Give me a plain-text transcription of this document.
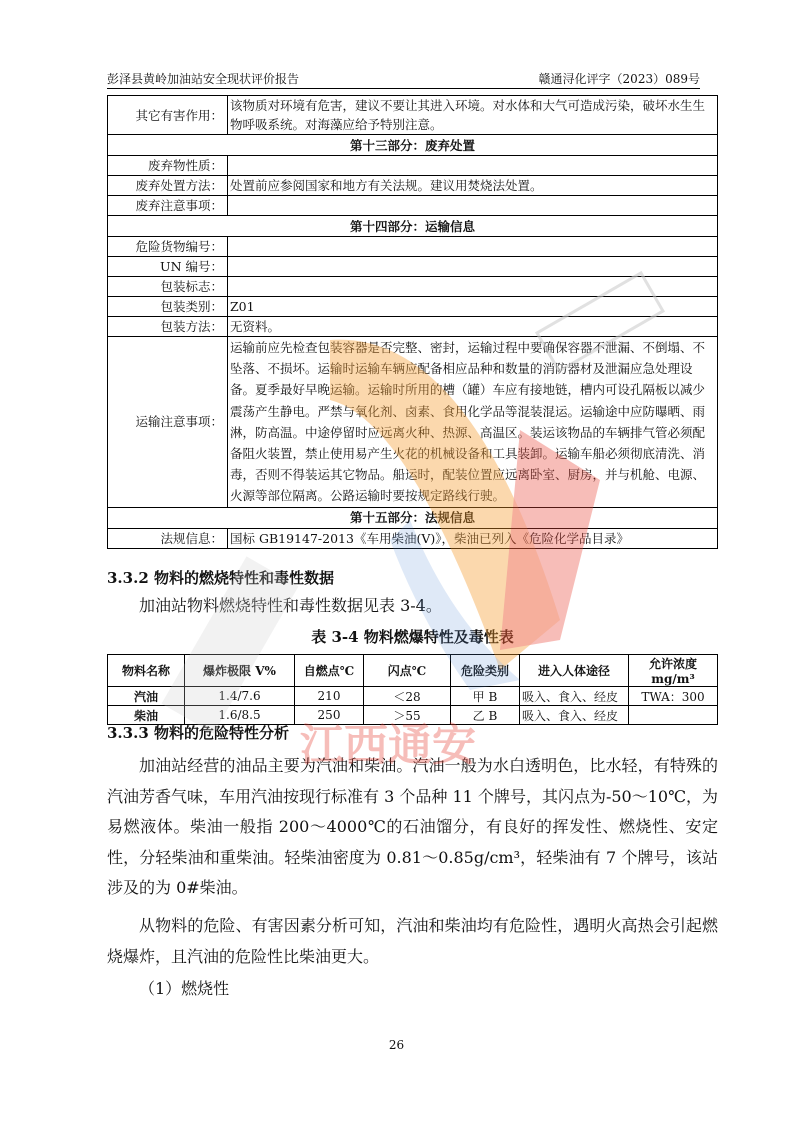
彭泽县黄岭加油站安全现状评价报告	赣通浔化评字（2023）089号
其它有害作用：	该物质对环境有危害，建议不要让其进入环境。对水体和大气可造成污染，破坏水生生物呼吸系统。对海藻应给予特别注意。
第十三部分：废弃处置	
废弃物性质：	
废弃处置方法：	处置前应参阅国家和地方有关法规。建议用焚烧法处置。
废弃注意事项：	
第十四部分：运输信息	
危险货物编号：	
UN 编号：	
包装标志：	
包装类别：	Z01
包装方法：	无资料。
运输注意事项：	运输前应先检查包装容器是否完整、密封，运输过程中要确保容器不泄漏、不倒塌、不坠落、不损坏。运输时运输车辆应配备相应品种和数量的消防器材及泄漏应急处理设备。夏季最好早晚运输。运输时所用的槽（罐）车应有接地链，槽内可设孔隔板以减少震荡产生静电。严禁与氧化剂、卤素、食用化学品等混装混运。运输途中应防曝晒、雨淋，防高温。中途停留时应远离火种、热源、高温区。装运该物品的车辆排气管必须配备阻火装置，禁止使用易产生火花的机械设备和工具装卸。运输车船必须彻底清洗、消毒，否则不得装运其它物品。船运时，配装位置应远离卧室、厨房，并与机舱、电源、火源等部位隔离。公路运输时要按规定路线行驶。
第十五部分：法规信息	
法规信息：	国标 GB19147-2013《车用柴油(V)》，柴油已列入《危险化学品目录》
3.3.2 物料的燃烧特性和毒性数据
加油站物料燃烧特性和毒性数据见表 3-4。
表 3-4 物料燃爆特性及毒性表
物料名称	爆炸极限 V%	自燃点℃	闪点℃	危险类别	进入人体途径	允许浓度 mg/m³
汽油	1.4/7.6	210	＜28	甲 B	吸入、食入、经皮	TWA：300
柴油	1.6/8.5	250	＞55	乙 B	吸入、食入、经皮	
3.3.3 物料的危险特性分析
加油站经营的油品主要为汽油和柴油。汽油一般为水白透明色，比水轻，有特殊的汽油芳香气味，车用汽油按现行标准有 3 个品种 11 个牌号，其闪点为-50～10℃，为易燃液体。柴油一般指 200～4000℃的石油馏分，有良好的挥发性、燃烧性、安定性，分轻柴油和重柴油。轻柴油密度为 0.81～0.85g/cm³，轻柴油有 7 个牌号，该站涉及的为 0#柴油。
从物料的危险、有害因素分析可知，汽油和柴油均有危险性，遇明火高热会引起燃烧爆炸，且汽油的危险性比柴油更大。
（1）燃烧性
26
江西通安
